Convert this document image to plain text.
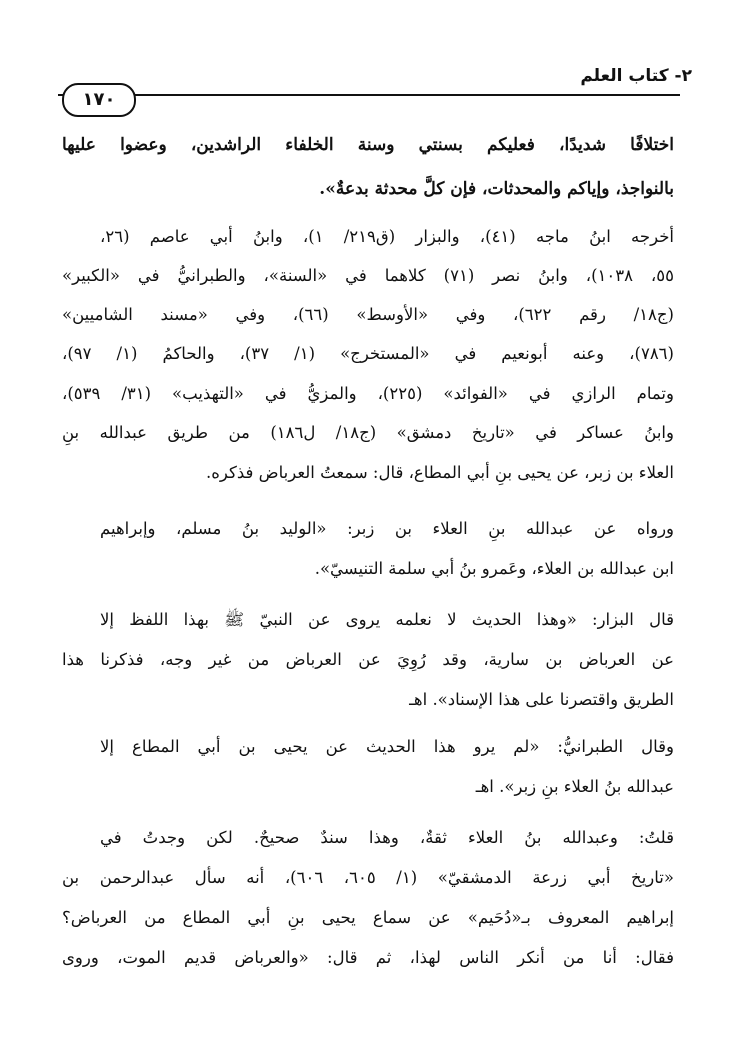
٢- كتاب العلم
١٧٠
اختلافًا شديدًا، فعليكم بسنتي وسنة الخلفاء الراشدين، وعضوا عليها
بالنواجذ، وإياكم والمحدثات، فإن كلَّ محدثة بدعةٌ».
أخرجه ابنُ ماجه (٤١)، والبزار (ق٢١٩/ ١)، وابنُ أبي عاصم (٢٦،
٥٥، ١٠٣٨)، وابنُ نصر (٧١) كلاهما في «السنة»، والطبرانيُّ في «الكبير»
(ج١٨/ رقم ٦٢٢)، وفي «الأوسط» (٦٦)، وفي «مسند الشاميين»
(٧٨٦)، وعنه أبونعيم في «المستخرج» (١/ ٣٧)، والحاكمُ (١/ ٩٧)،
وتمام الرازي في «الفوائد» (٢٢٥)، والمزيُّ في «التهذيب» (٣١/ ٥٣٩)،
وابنُ عساكر في «تاريخ دمشق» (ج١٨/ ل١٨٦) من طريق عبدالله بنِ
العلاء بن زبر، عن يحيى بنِ أبي المطاع، قال: سمعتُ العرباض فذكره.
ورواه عن عبدالله بنِ العلاء بن زبر: «الوليد بنُ مسلم، وإبراهيم
ابن عبدالله بن العلاء، وعَمرو بنُ أبي سلمة التنيسيّ».
قال البزار: «وهذا الحديث لا نعلمه يروى عن النبيّ ﷺ بهذا اللفظ إلا
عن العرباض بن سارية، وقد رُوِيَ عن العرباض من غير وجه، فذكرنا هذا
الطريق واقتصرنا على هذا الإسناد». اهـ
وقال الطبرانيُّ: «لم يرو هذا الحديث عن يحيى بن أبي المطاع إلا
عبدالله بنُ العلاء بنِ زبر». اهـ
قلتُ: وعبدالله بنُ العلاء ثقةٌ، وهذا سندٌ صحيحٌ. لكن وجدتُ في
«تاريخ أبي زرعة الدمشقيّ» (١/ ٦٠٥، ٦٠٦)، أنه سأل عبدالرحمن بن
إبراهيم المعروف بـ«دُحَيم» عن سماع يحيى بنِ أبي المطاع من العرباض؟
فقال: أنا من أنكر الناس لهذا، ثم قال: «والعرباض قديم الموت، وروى
